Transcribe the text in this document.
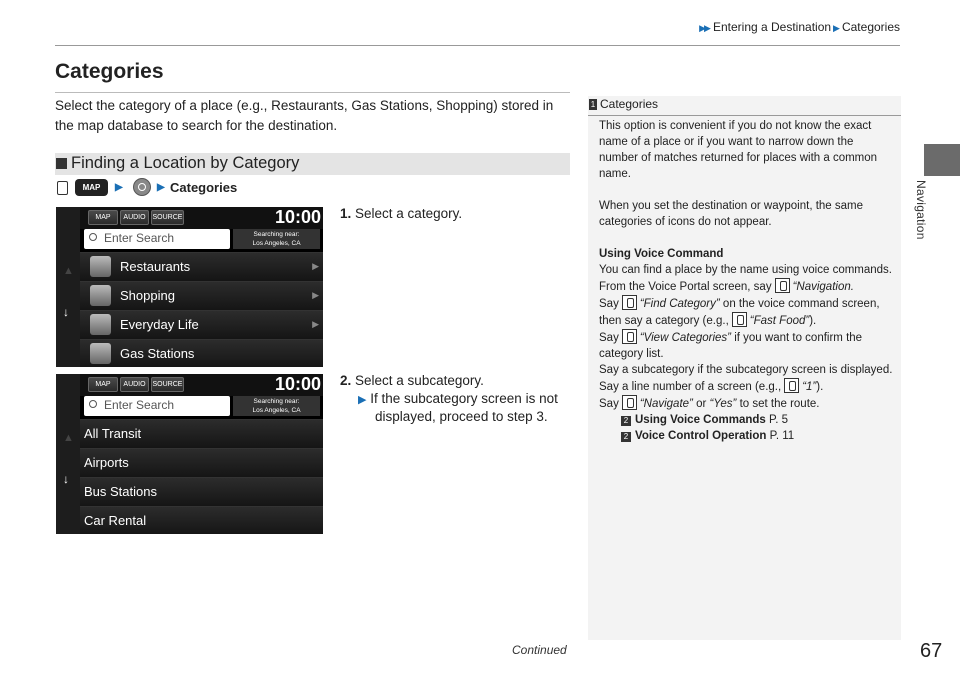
▶▶ Entering a Destination ▶ Categories
Navigation
Categories
Select the category of a place (e.g., Restaurants, Gas Stations, Shopping) stored in the map database to search for the destination.
Finding a Location by Category
MAP	▶	▶ Categories
▲
↓
MAP	AUDIO SOURCE	10:00
Enter Search	Searching near:
Los Angeles, CA
Restaurants	▶
Shopping	▶
Everyday Life	▶
Gas Stations
▲
↓
MAP	AUDIO SOURCE	10:00
Enter Search	Searching near:
Los Angeles, CA
All Transit
Airports
Bus Stations
Car Rental
1. Select a category.
2. Select a subcategory.
▶ If the subcategory screen is not
displayed, proceed to step 3.
1 Categories

This option is convenient if you do not know the exact name of a place or if you want to narrow down the number of matches returned for places with a common name.

When you set the destination or waypoint, the same categories of icons do not appear.

Using Voice Command

You can find a place by the name using voice commands.

From the Voice Portal screen, say “Navigation.

Say “Find Category” on the voice command screen, then say a category (e.g., “Fast Food”).

Say “View Categories” if you want to confirm the category list.

Say a subcategory if the subcategory screen is displayed.

Say a line number of a screen (e.g., “1”).

Say “Navigate” or “Yes” to set the route.

2 Using Voice Commands P. 5

2 Voice Control Operation P. 11

Continued	67
